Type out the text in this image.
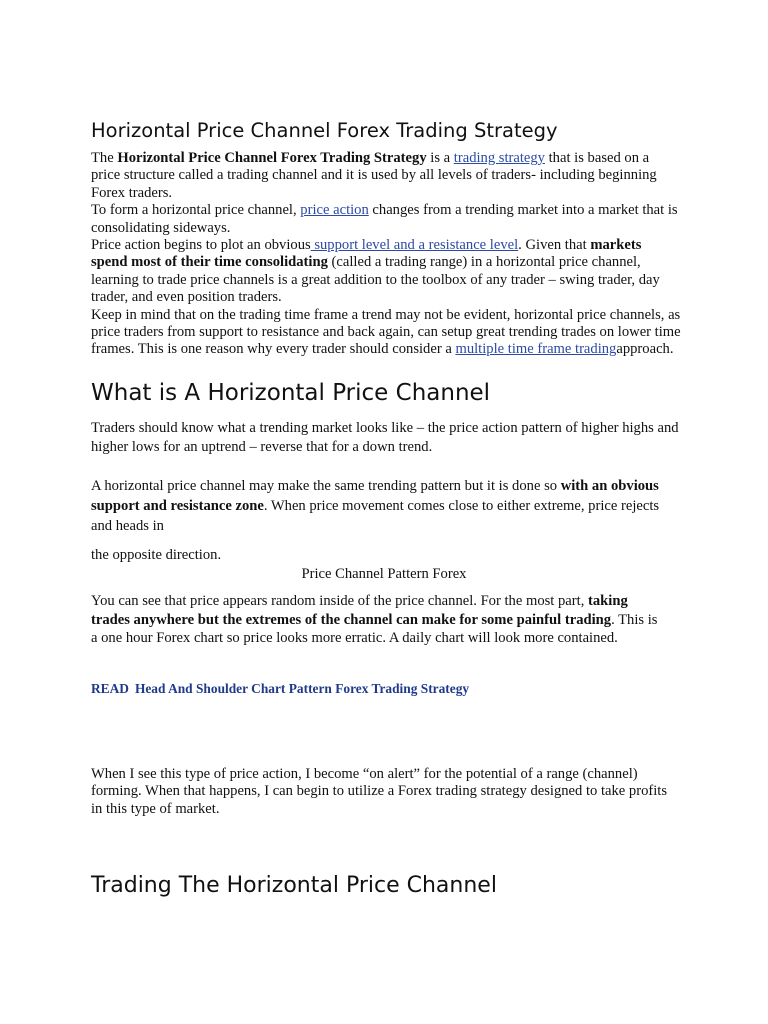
Horizontal Price Channel Forex Trading Strategy

The Horizontal Price Channel Forex Trading Strategy is a trading strategy that is based on a price structure called a trading channel and it is used by all levels of traders- including beginning Forex traders.
To form a horizontal price channel, price action changes from a trending market into a market that is consolidating sideways.
Price action begins to plot an obvious support level and a resistance level. Given that markets spend most of their time consolidating (called a trading range) in a horizontal price channel, learning to trade price channels is a great addition to the toolbox of any trader – swing trader, day trader, and even position traders.
Keep in mind that on the trading time frame a trend may not be evident, horizontal price channels, as price traders from support to resistance and back again, can setup great trending trades on lower time frames. This is one reason why every trader should consider a multiple time frame tradingapproach.

What is A Horizontal Price Channel

Traders should know what a trending market looks like – the price action pattern of higher highs and higher lows for an uptrend – reverse that for a down trend.

A horizontal price channel may make the same trending pattern but it is done so with an obvious support and resistance zone. When price movement comes close to either extreme, price rejects and heads in

the opposite direction.

Price Channel Pattern Forex

You can see that price appears random inside of the price channel. For the most part, taking trades anywhere but the extremes of the channel can make for some painful trading. This is a one hour Forex chart so price looks more erratic. A daily chart will look more contained.

READ Head And Shoulder Chart Pattern Forex Trading Strategy

When I see this type of price action, I become “on alert” for the potential of a range (channel) forming. When that happens, I can begin to utilize a Forex trading strategy designed to take profits in this type of market.

Trading The Horizontal Price Channel
